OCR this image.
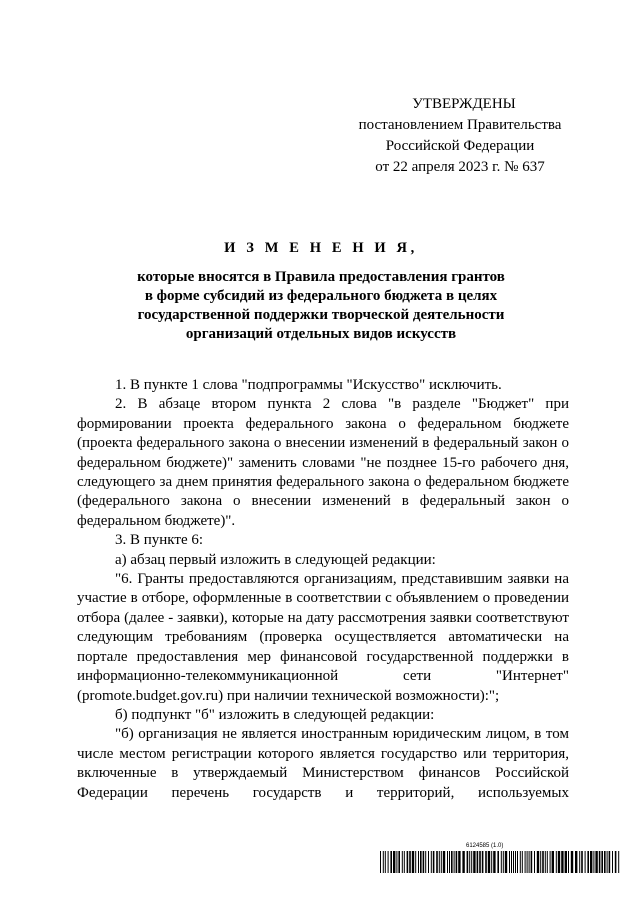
УТВЕРЖДЕНЫ
постановлением Правительства
Российской Федерации
от 22 апреля 2023 г. № 637
И З М Е Н Е Н И Я,
которые вносятся в Правила предоставления грантов
в форме субсидий из федерального бюджета в целях
государственной поддержки творческой деятельности
организаций отдельных видов искусств

1. В пункте 1 слова "подпрограммы "Искусство" исключить.

2. В абзаце втором пункта 2 слова "в разделе "Бюджет" при формировании проекта федерального закона о федеральном бюджете (проекта федерального закона о внесении изменений в федеральный закон о федеральном бюджете)" заменить словами "не позднее 15-го рабочего дня, следующего за днем принятия федерального закона о федеральном бюджете (федерального закона о внесении изменений в федеральный закон о федеральном бюджете)".

3. В пункте 6:

а) абзац первый изложить в следующей редакции:

"6. Гранты предоставляются организациям, представившим заявки на участие в отборе, оформленные в соответствии с объявлением о проведении отбора (далее - заявки), которые на дату рассмотрения заявки соответствуют следующим требованиям (проверка осуществляется автоматически на портале предоставления мер финансовой государственной поддержки в информационно-телекоммуникационной сети "Интернет" (promote.budget.gov.ru) при наличии технической возможности):";

б) подпункт "б" изложить в следующей редакции:

"б) организация не является иностранным юридическим лицом, в том числе местом регистрации которого является государство или территория, включенные в утверждаемый Министерством финансов Российской Федерации перечень государств и территорий, используемых

6124585 (1.0)
